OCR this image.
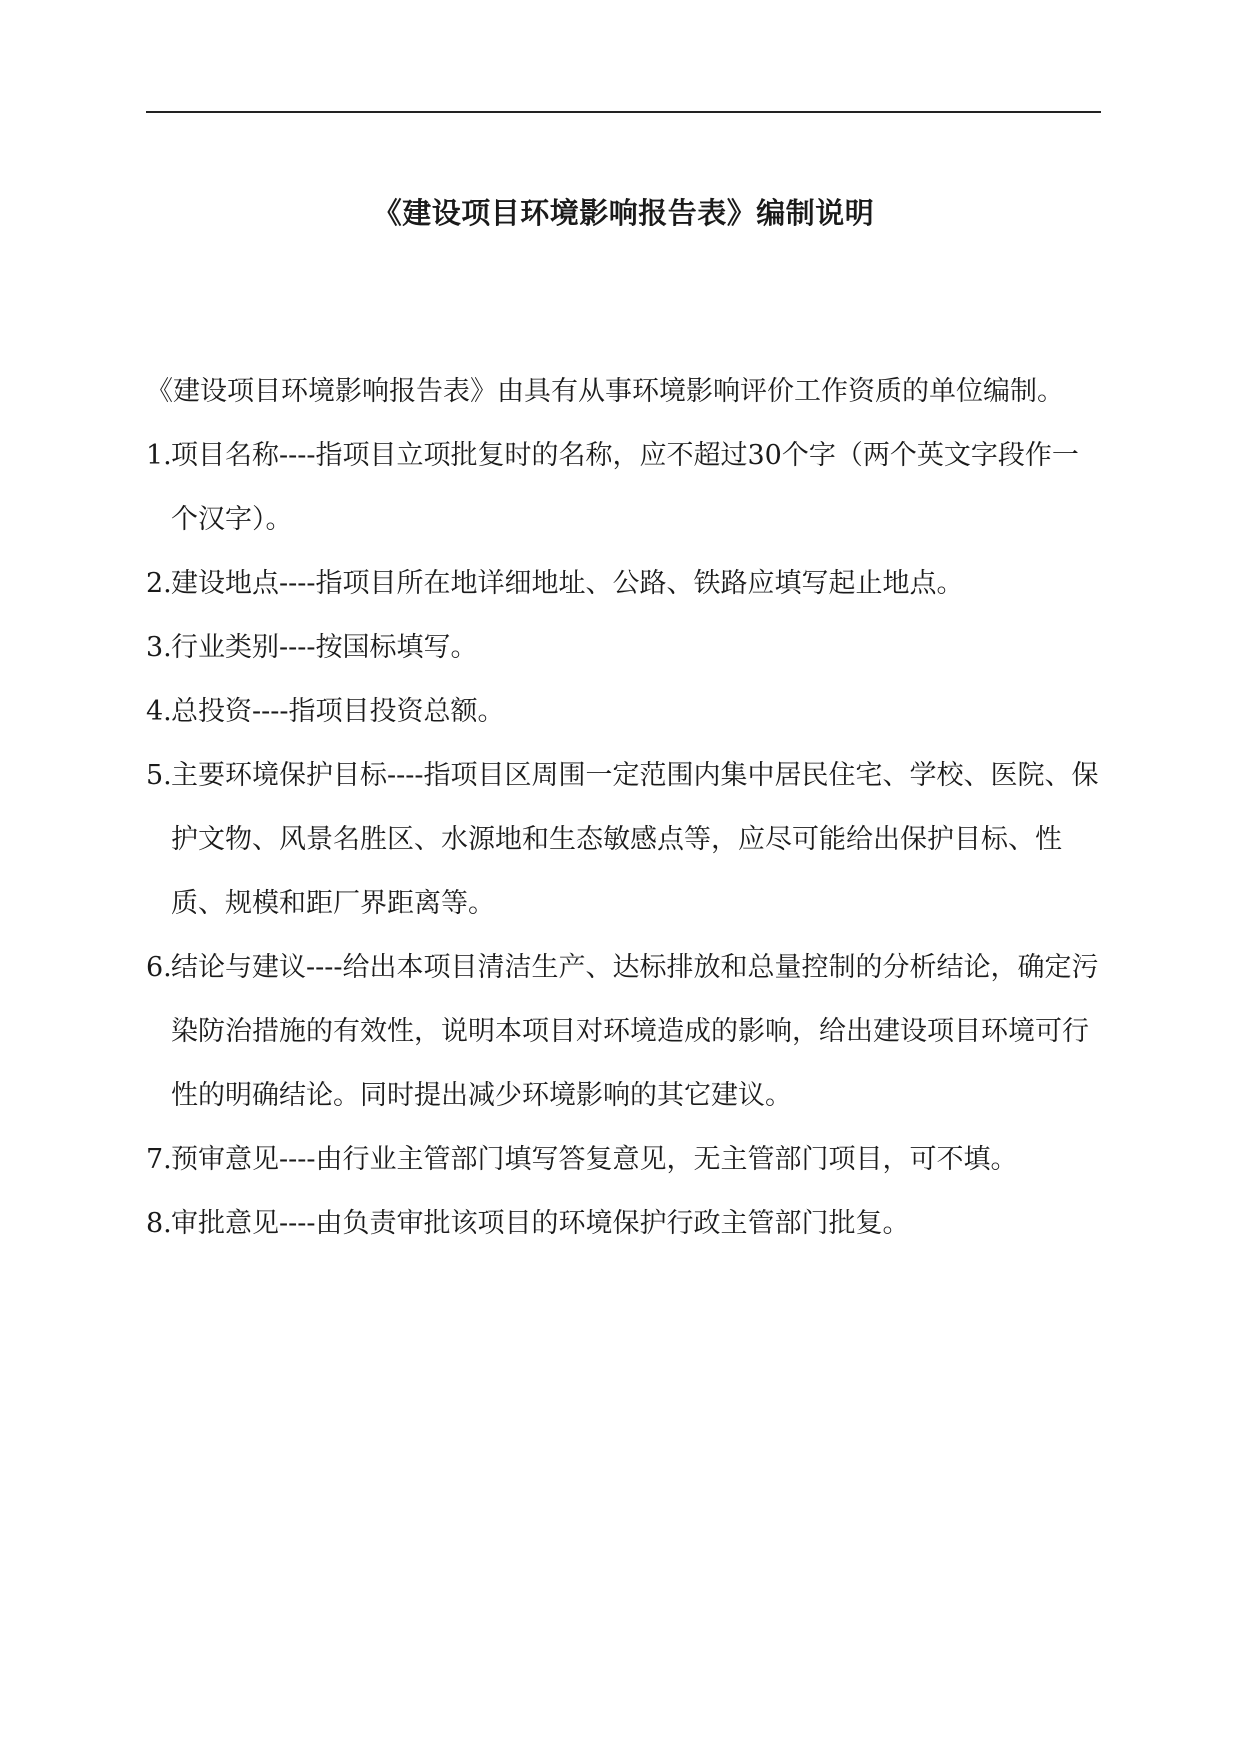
《建设项目环境影响报告表》编制说明

《建设项目环境影响报告表》由具有从事环境影响评价工作资质的单位编制。

1. 项目名称----指项目立项批复时的名称，应不超过30个字（两个英文字段作一个汉字）。
2. 建设地点----指项目所在地详细地址、公路、铁路应填写起止地点。
3. 行业类别----按国标填写。
4. 总投资----指项目投资总额。
5. 主要环境保护目标----指项目区周围一定范围内集中居民住宅、学校、医院、保护文物、风景名胜区、水源地和生态敏感点等，应尽可能给出保护目标、性质、规模和距厂界距离等。
6. 结论与建议----给出本项目清洁生产、达标排放和总量控制的分析结论，确定污染防治措施的有效性，说明本项目对环境造成的影响，给出建设项目环境可行性的明确结论。同时提出减少环境影响的其它建议。
7. 预审意见----由行业主管部门填写答复意见，无主管部门项目，可不填。
8. 审批意见----由负责审批该项目的环境保护行政主管部门批复。
